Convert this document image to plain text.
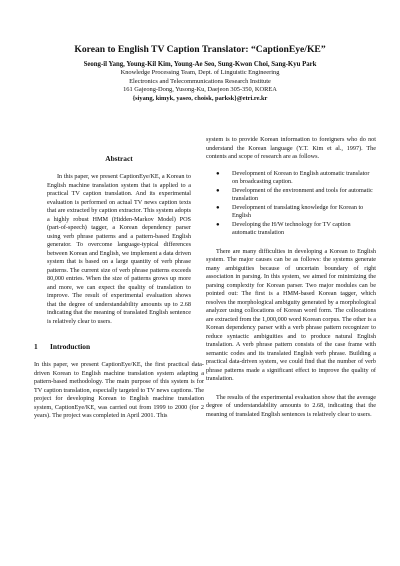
Korean to English TV Caption Translator: “CaptionEye/KE”
Seong-il Yang, Young-Kil Kim, Young-Ae Seo, Sung-Kwon Choi, Sang-Kyu Park
Knowledge Processing Team, Dept. of Linguistic Engineering
Electronics and Telecommunications Research Institute
161 Gajeong-Dong, Yusong-Ku, Daejeon 305-350, KOREA
{siyang, kimyk, yaseo, choisk, parksk}@etri.re.kr
Abstract

In this paper, we present CaptionEye/KE, a Korean to English machine translation system that is applied to a practical TV caption translation. And its experimental evaluation is performed on actual TV news caption texts that are extracted by caption extractor. This system adopts a highly robust HMM (Hidden-Markov Model) POS (part-of-speech) tagger, a Korean dependency parser using verb phrase patterns and a pattern-based English generator. To overcome language-typical differences between Korean and English, we implement a data driven system that is based on a large quantity of verb phrase patterns. The current size of verb phrase patterns exceeds 80,000 entries. When the size of patterns grows up more and more, we can expect the quality of translation to improve. The result of experimental evaluation shows that the degree of understandability amounts up to 2.68 indicating that the meaning of translated English sentence is relatively clear to users.

1 Introduction

In this paper, we present CaptionEye/KE, the first practical data-driven Korean to English machine translation system adapting a pattern-based methodology. The main purpose of this system is for TV caption translation, especially targeted to TV news captions. The project for developing Korean to English machine translation system, CaptionEye/KE, was carried out from 1999 to 2000 (for 2 years). The project was completed in April 2001. This

system is to provide Korean information to foreigners who do not understand the Korean language (Y.T. Kim et al., 1997). The contents and scope of research are as follows.

● Development of Korean to English automatic translator on broadcasting caption.
● Development of the environment and tools for automatic translation
● Development of translating knowledge for Korean to English
● Developing the H/W technology for TV caption automatic translation

There are many difficulties in developing a Korean to English system. The major causes can be as follows: the systems generate many ambiguities because of uncertain boundary of right association in parsing. In this system, we aimed for minimizing the parsing complexity for Korean parser. Two major modules can be pointed out: The first is a HMM-based Korean tagger, which resolves the morphological ambiguity generated by a morphological analyzer using collocations of Korean word form. The collocations are extracted from the 1,000,000 word Korean corpus. The other is a Korean dependency parser with a verb phrase pattern recognizer to reduce syntactic ambiguities and to produce natural English translation. A verb phrase pattern consists of the case frame with semantic codes and its translated English verb phrase. Building a practical data-driven system, we could find that the number of verb phrase patterns made a significant effect to improve the quality of translation.

The results of the experimental evaluation show that the average degree of understandability amounts to 2.68, indicating that the meaning of translated English sentences is relatively clear to users.
